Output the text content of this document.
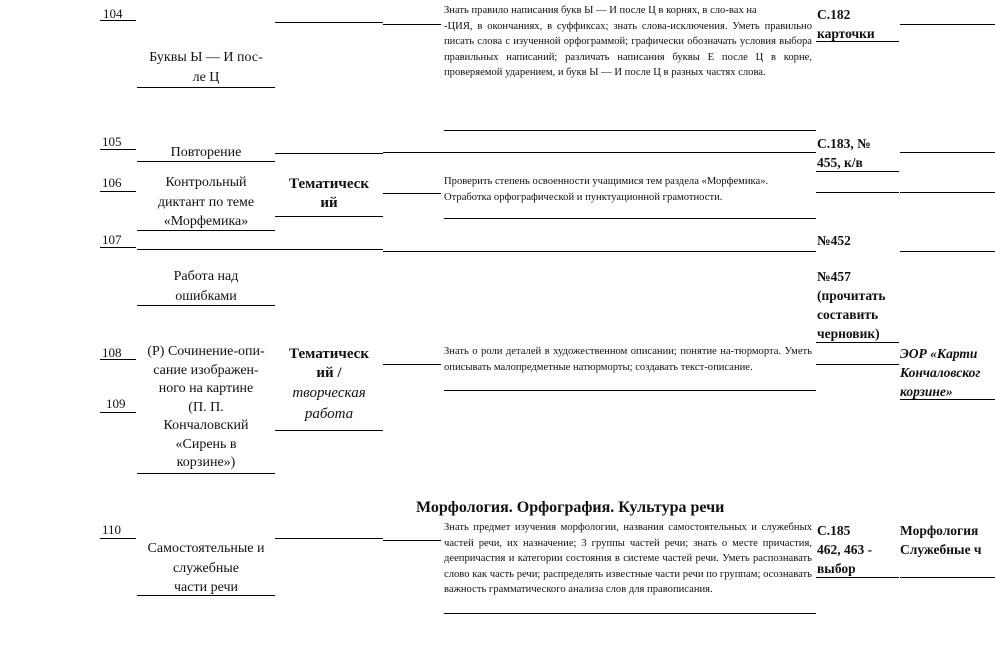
104
Буквы Ы — И пос-
ле Ц

Знать правило написания букв Ы — И после Ц в корнях, в сло-вах на

-ЦИЯ, в окончаниях, в суффиксах; знать слова-исключения. Уметь правильно писать слова с изученной орфограммой; графически обозначать условия выбора правильных написаний; различать написания буквы Е после Ц в корне, проверяемой ударением, и букв Ы — И после Ц в разных частях слова.

С.182
карточки
105
Повторение
С.183, №
455, к/в
106	Контрольный
диктант по теме
«Морфемика»
Тематическ
ий

Проверить степень освоенности учащимися тем раздела «Морфемика».

Отработка орфографической и пунктуационной грамотности.

107
Работа над
ошибками
№452
108
109
(Р) Сочинение-опи-
сание изображен-
ного на картине
(П. П.
Кончаловский
«Сирень в
корзине»)
Тематическ
ий /
творческая
работа

Знать о роли деталей в художественном описании; понятие на-тюрморта. Уметь описывать малопредметные натюрморты; создавать текст-описание.

№457
(прочитать
составить
черновик)
ЭОР «Карти
Кончаловског
корзине»
Морфология. Орфография. Культура речи
110
Самостоятельные и
служебные
части речи

Знать предмет изучения морфологии, названия самостоятельных и служебных частей речи, их назначение; 3 группы частей речи; знать о месте причастия, деепричастия и категории состояния в системе частей речи. Уметь распознавать слово как часть речи; распределять известные части речи по группам; осознавать важность грамматического анализа слов для правописания.

С.185
462, 463 -
выбор
Морфология
Служебные ч
